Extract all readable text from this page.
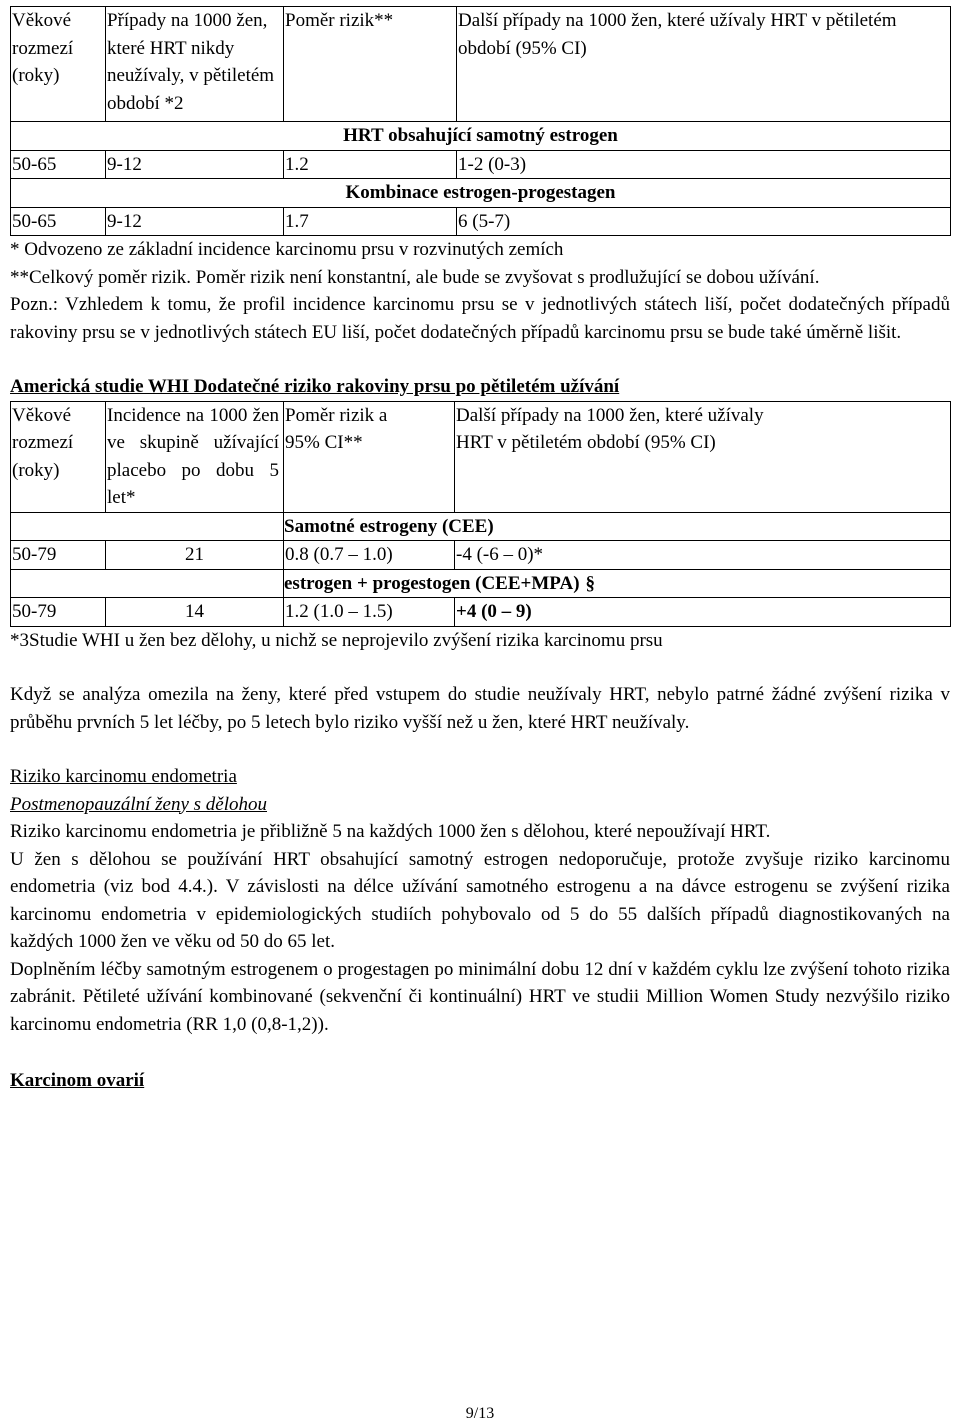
Věkové rozmezí (roky)	Případy na 1000 žen, které HRT nikdy neužívaly, v pětiletém období *2	Poměr rizik**	Další případy na 1000 žen, které užívaly HRT v pětiletém období (95% CI)
HRT obsahující samotný estrogen			
50-65	9-12	1.2	1-2 (0-3)
Kombinace estrogen-progestagen			
50-65	9-12	1.7	6 (5-7)

* Odvozeno ze základní incidence karcinomu prsu v rozvinutých zemích

**Celkový poměr rizik. Poměr rizik není konstantní, ale bude se zvyšovat s prodlužující se dobou užívání.

Pozn.: Vzhledem k tomu, že profil incidence karcinomu prsu se v jednotlivých státech liší, počet dodatečných případů rakoviny prsu se v jednotlivých státech EU liší, počet dodatečných případů karcinomu prsu se bude také úměrně lišit.

Americká studie WHI Dodatečné riziko rakoviny prsu po pětiletém užívání

Věkové rozmezí (roky)	Incidence na 1000 žen ve skupině užívající placebo po dobu 5 let*	Poměr rizik a 95% CI**	Další případy na 1000 žen, které užívaly HRT v pětiletém období (95% CI)
		Samotné estrogeny (CEE)	
50-79	21	0.8 (0.7 – 1.0)	-4 (-6 – 0)*
		estrogen + progestogen (CEE+MPA) §	
50-79	14	1.2 (1.0 – 1.5)	+4 (0 – 9)

*3Studie WHI u žen bez dělohy, u nichž se neprojevilo zvýšení rizika karcinomu prsu

Když se analýza omezila na ženy, které před vstupem do studie neužívaly HRT, nebylo patrné žádné zvýšení rizika v průběhu prvních 5 let léčby, po 5 letech bylo riziko vyšší než u žen, které HRT neužívaly.

Riziko karcinomu endometria

Postmenopauzální ženy s dělohou

Riziko karcinomu endometria je přibližně 5 na každých 1000 žen s dělohou, které nepoužívají HRT.

U žen s dělohou se používání HRT obsahující samotný estrogen nedoporučuje, protože zvyšuje riziko karcinomu endometria (viz bod 4.4.). V závislosti na délce užívání samotného estrogenu a na dávce estrogenu se zvýšení rizika karcinomu endometria v epidemiologických studiích pohybovalo od 5 do 55 dalších případů diagnostikovaných na každých 1000 žen ve věku od 50 do 65 let.

Doplněním léčby samotným estrogenem o progestagen po minimální dobu 12 dní v každém cyklu lze zvýšení tohoto rizika zabránit. Pětileté užívání kombinované (sekvenční či kontinuální) HRT ve studii Million Women Study nezvýšilo riziko karcinomu endometria (RR 1,0 (0,8-1,2)).

Karcinom ovarií

9/13
